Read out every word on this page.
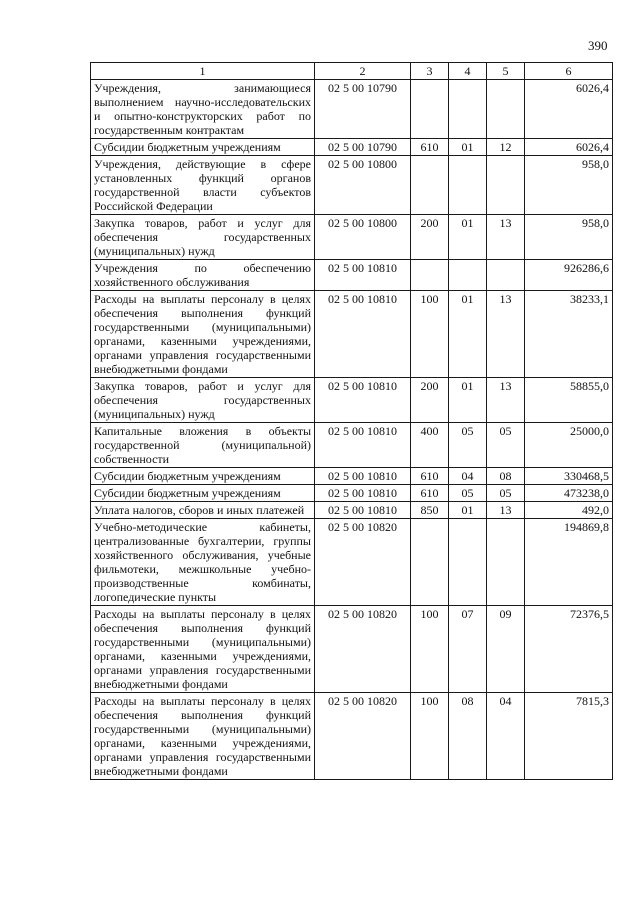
390
1	2	3	4	5	6
Учреждения, занимающиеся выполнением научно-исследовательских и опытно-конструкторских работ по государственным контрактам	02 5 00 10790				6026,4
Субсидии бюджетным учреждениям	02 5 00 10790	610	01	12	6026,4
Учреждения, действующие в сфере установленных функций органов государственной власти субъектов Российской Федерации	02 5 00 10800				958,0
Закупка товаров, работ и услуг для обеспечения государственных (муниципальных) нужд	02 5 00 10800	200	01	13	958,0
Учреждения по обеспечению хозяйственного обслуживания	02 5 00 10810				926286,6
Расходы на выплаты персоналу в целях обеспечения выполнения функций государственными (муниципальными) органами, казенными учреждениями, органами управления государственными внебюджетными фондами	02 5 00 10810	100	01	13	38233,1
Закупка товаров, работ и услуг для обеспечения государственных (муниципальных) нужд	02 5 00 10810	200	01	13	58855,0
Капитальные вложения в объекты государственной (муниципальной) собственности	02 5 00 10810	400	05	05	25000,0
Субсидии бюджетным учреждениям	02 5 00 10810	610	04	08	330468,5
Субсидии бюджетным учреждениям	02 5 00 10810	610	05	05	473238,0
Уплата налогов, сборов и иных платежей	02 5 00 10810	850	01	13	492,0
Учебно-методические кабинеты, централизованные бухгалтерии, группы хозяйственного обслуживания, учебные фильмотеки, межшкольные учебно-производственные комбинаты, логопедические пункты	02 5 00 10820				194869,8
Расходы на выплаты персоналу в целях обеспечения выполнения функций государственными (муниципальными) органами, казенными учреждениями, органами управления государственными внебюджетными фондами	02 5 00 10820	100	07	09	72376,5
Расходы на выплаты персоналу в целях обеспечения выполнения функций государственными (муниципальными) органами, казенными учреждениями, органами управления государственными внебюджетными фондами	02 5 00 10820	100	08	04	7815,3
